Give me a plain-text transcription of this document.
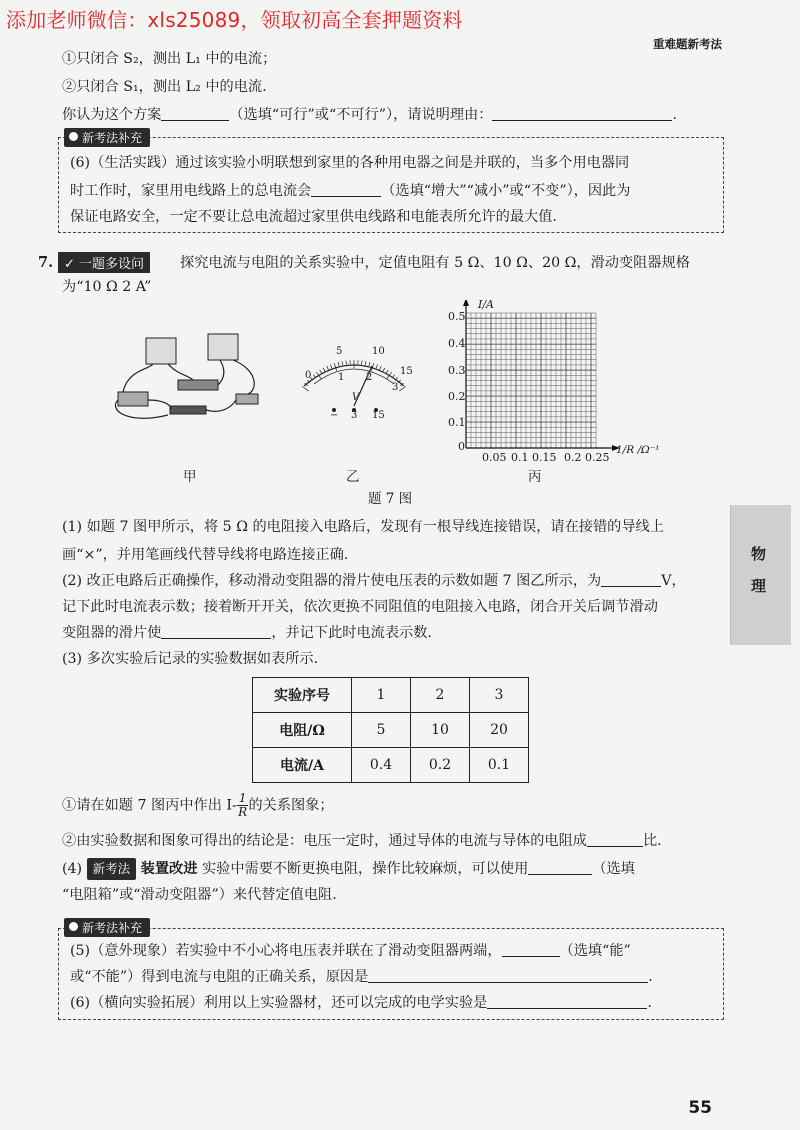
添加老师微信：xls25089，领取初高全套押题资料
重难题新考法
①只闭合 S₂，测出 L₁ 中的电流；
②只闭合 S₁，测出 L₂ 中的电流.
你认为这个方案	（选填“可行”或“不可行”），请说明理由：	.
新考法补充
(6)（生活实践）通过该实验小明联想到家里的各种用电器之间是并联的，当多个用电器同
时工作时，家里用电线路上的总电流会	（选填“增大”“减小”或“不变”），因此为
保证电路安全，一定不要让总电流超过家里供电线路和电能表所允许的最大值.
7. ✓ 一题多设问	探究电流与电阻的关系实验中，定值电阻有 5 Ω、10 Ω、20 Ω，滑动变阻器规格
为“10 Ω 2 A”
甲
5	10
15
0	1 2
3
V
− 3 15
乙
I/A
0.5
0.4
0.3
0.2
0.1
0
0.05 0.1 0.15 0.2 0.25
1/R /Ω⁻¹
丙
题 7 图
(1) 如题 7 图甲所示，将 5 Ω 的电阻接入电路后，发现有一根导线连接错误，请在接错的导线上
画“×”，并用笔画线代替导线将电路连接正确.
(2) 改正电路后正确操作，移动滑动变阻器的滑片使电压表的示数如题 7 图乙所示，为	V，
记下此时电流表示数；接着断开开关，依次更换不同阻值的电阻接入电路，闭合开关后调节滑动
变阻器的滑片使	，并记下此时电流表示数.
(3) 多次实验后记录的实验数据如表所示.
实验序号	1	2	3
电阻/Ω	5	10	20
电流/A	0.4	0.2	0.1
①请在如题 7 图丙中作出 $I- \frac{1}{R}$ 的关系图象；
②由实验数据和图象可得出的结论是：电压一定时，通过导体的电流与导体的电阻成	比.
(4) 新考法 装置改进 实验中需要不断更换电阻，操作比较麻烦，可以使用	（选填
“电阻箱”或“滑动变阻器”）来代替定值电阻.
新考法补充
(5)（意外现象）若实验中不小心将电压表并联在了滑动变阻器两端，	（选填“能”
或“不能”）得到电流与电阻的正确关系，原因是	.
(6)（横向实验拓展）利用以上实验器材，还可以完成的电学实验是	.
物
理
55
